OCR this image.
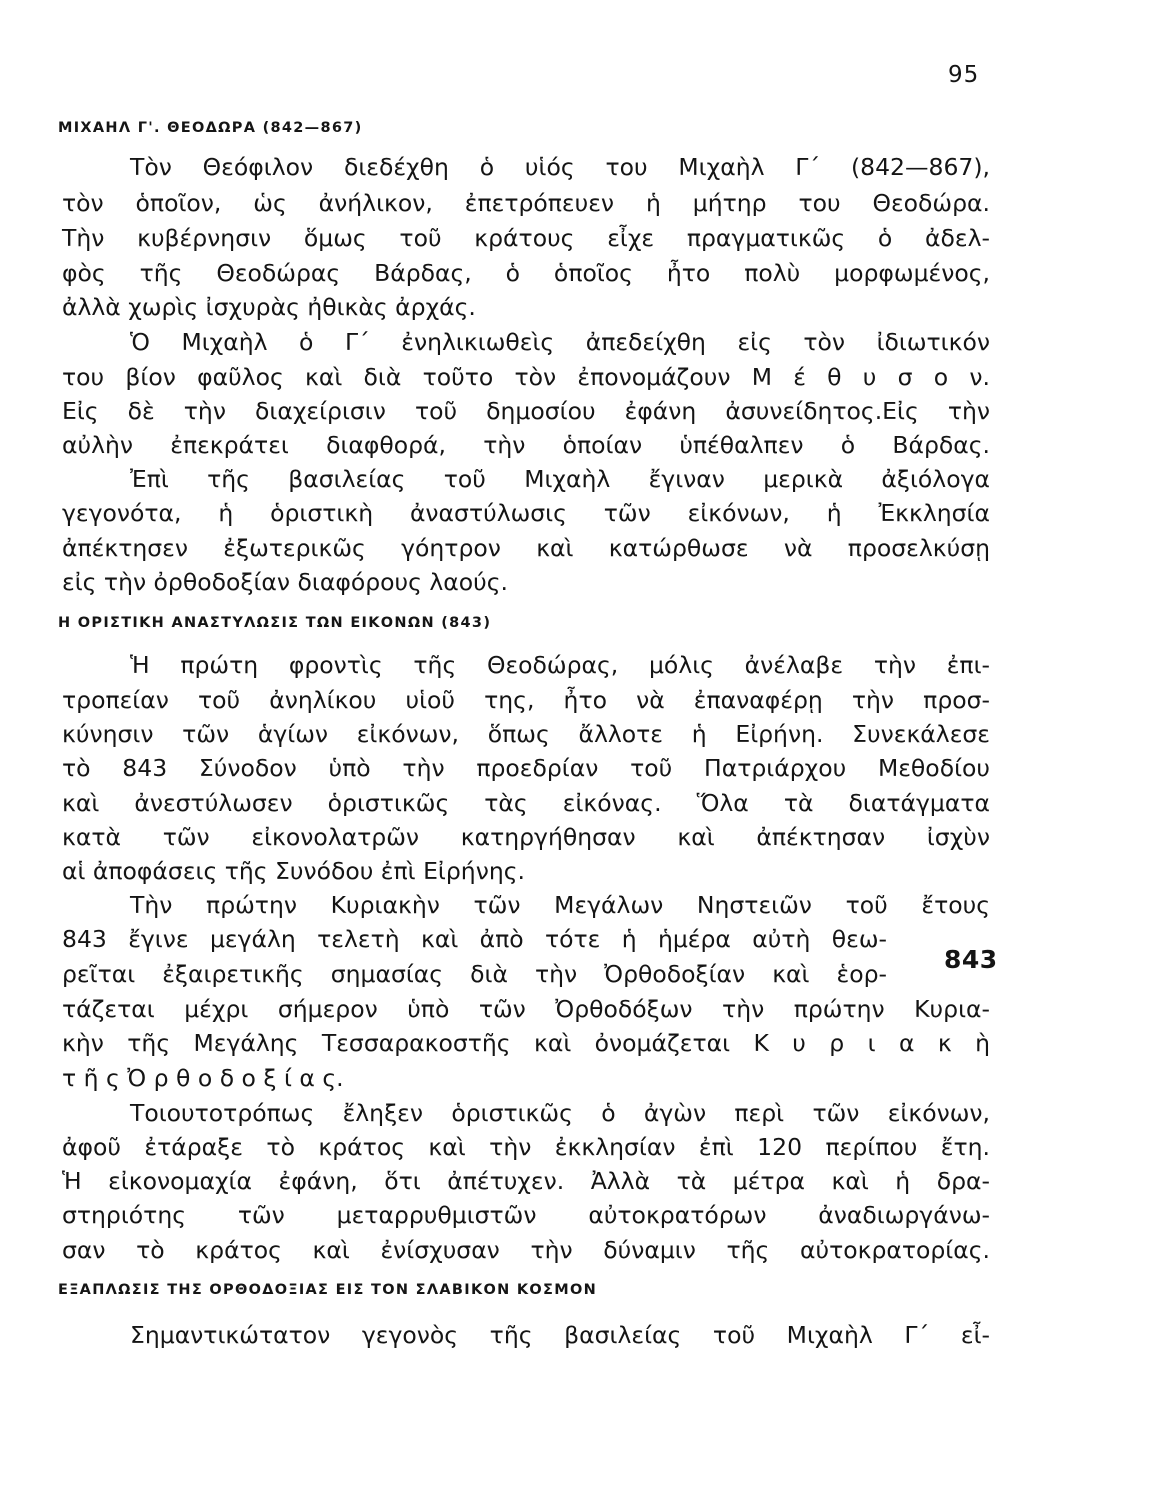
95
ΜΙΧΑΗΛ Γ'. ΘΕΟΔΩΡΑ (842—867)
Τὸν Θεόφιλον διεδέχθη ὁ υἱός του Μιχαὴλ Γ΄ (842—867),
τὸν ὁποῖον, ὡς ἀνήλικον, ἐπετρόπευεν ἡ μήτηρ του Θεοδώρα.
Τὴν κυβέρνησιν ὅμως τοῦ κράτους εἶχε πραγματικῶς ὁ ἀδελ-
φὸς τῆς Θεοδώρας Βάρδας, ὁ ὁποῖος ἦτο πολὺ μορφωμένος,
ἀλλὰ χωρὶς ἰσχυρὰς ἠθικὰς ἀρχάς.
Ὁ Μιχαὴλ ὁ Γ΄ ἐνηλικιωθεὶς ἀπεδείχθη εἰς τὸν ἰδιωτικόν
του βίον φαῦλος καὶ διὰ τοῦτο τὸν ἐπονομάζουν Μ έ θ υ σ ο ν.
Εἰς δὲ τὴν διαχείρισιν τοῦ δημοσίου ἐφάνη ἀσυνείδητος.Εἰς τὴν
αὐλὴν ἐπεκράτει διαφθορά, τὴν ὁποίαν ὑπέθαλπεν ὁ Βάρδας.
Ἐπὶ τῆς βασιλείας τοῦ Μιχαὴλ ἔγιναν μερικὰ ἀξιόλογα
γεγονότα, ἡ ὁριστικὴ ἀναστύλωσις τῶν εἰκόνων, ἡ Ἐκκλησία
ἀπέκτησεν ἐξωτερικῶς γόητρον καὶ κατώρθωσε νὰ προσελκύσῃ
εἰς τὴν ὀρθοδοξίαν διαφόρους λαούς.
Η ΟΡΙΣΤΙΚΗ ΑΝΑΣΤΥΛΩΣΙΣ ΤΩΝ ΕΙΚΟΝΩΝ (843)
Ἡ πρώτη φροντὶς τῆς Θεοδώρας, μόλις ἀνέλαβε τὴν ἐπι-
τροπείαν τοῦ ἀνηλίκου υἱοῦ της, ἦτο νὰ ἐπαναφέρῃ τὴν προσ-
κύνησιν τῶν ἁγίων εἰκόνων, ὅπως ἄλλοτε ἡ Εἰρήνη. Συνεκάλεσε
τὸ 843 Σύνοδον ὑπὸ τὴν προεδρίαν τοῦ Πατριάρχου Μεθοδίου
καὶ ἀνεστύλωσεν ὁριστικῶς τὰς εἰκόνας. Ὅλα τὰ διατάγματα
κατὰ τῶν εἰκονολατρῶν κατηργήθησαν καὶ ἀπέκτησαν ἰσχὺν
αἱ ἀποφάσεις τῆς Συνόδου ἐπὶ Εἰρήνης.
Τὴν πρώτην Κυριακὴν τῶν Μεγάλων Νηστειῶν τοῦ ἔτους
843 ἔγινε μεγάλη τελετὴ καὶ ἀπὸ τότε ἡ ἡμέρα αὐτὴ θεω-
ρεῖται ἐξαιρετικῆς σημασίας διὰ τὴν Ὀρθοδοξίαν καὶ ἑορ-
τάζεται μέχρι σήμερον ὑπὸ τῶν Ὀρθοδόξων τὴν πρώτην Κυρια-
κὴν τῆς Μεγάλης Τεσσαρακοστῆς καὶ ὀνομάζεται Κ υ ρ ι α κ ὴ
τ ῆ ς Ὀ ρ θ ο δ ο ξ ί α ς.
Τοιουτοτρόπως ἔληξεν ὁριστικῶς ὁ ἀγὼν περὶ τῶν εἰκόνων,
ἀφοῦ ἐτάραξε τὸ κράτος καὶ τὴν ἐκκλησίαν ἐπὶ 120 περίπου ἔτη.
Ἡ εἰκονομαχία ἐφάνη, ὅτι ἀπέτυχεν. Ἀλλὰ τὰ μέτρα καὶ ἡ δρα-
στηριότης τῶν μεταρρυθμιστῶν αὐτοκρατόρων ἀναδιωργάνω-
σαν τὸ κράτος καὶ ἐνίσχυσαν τὴν δύναμιν τῆς αὐτοκρατορίας.
ΕΞΑΠΛΩΣΙΣ ΤΗΣ ΟΡΘΟΔΟΞΙΑΣ ΕΙΣ ΤΟΝ ΣΛΑΒΙΚΟΝ ΚΟΣΜΟΝ
Σημαντικώτατον γεγονὸς τῆς βασιλείας τοῦ Μιχαὴλ Γ΄ εἶ-
843
